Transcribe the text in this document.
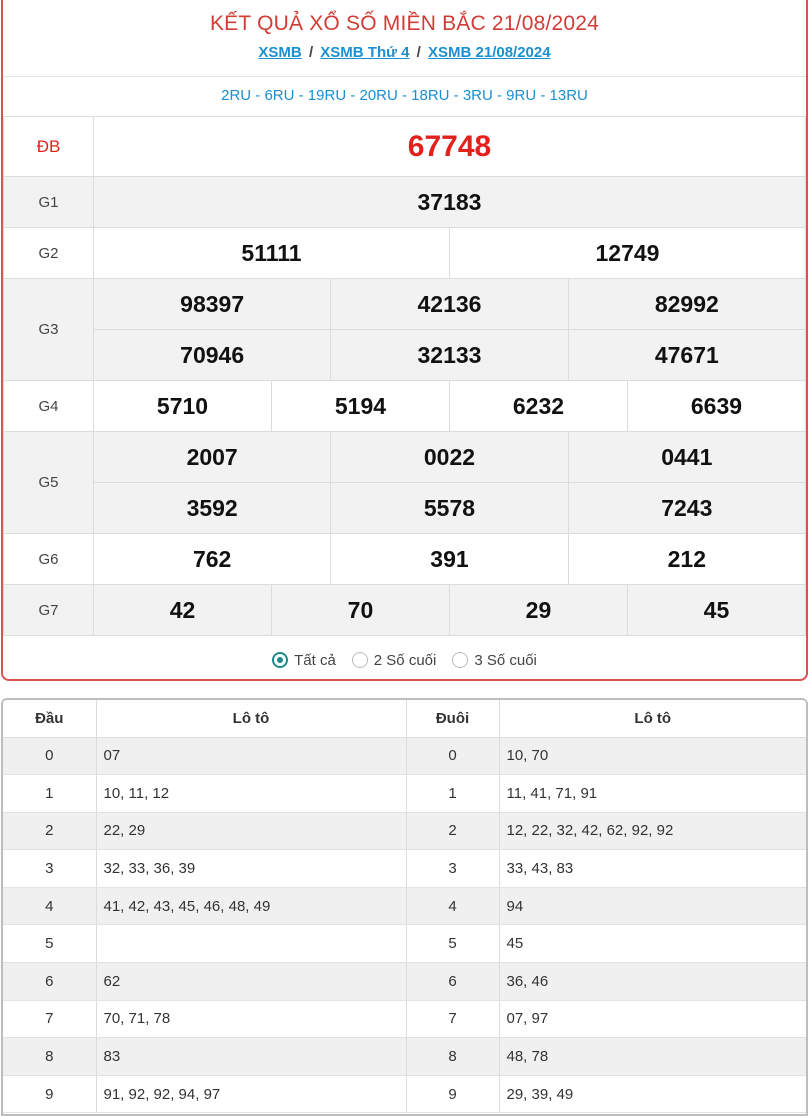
KẾT QUẢ XỔ SỐ MIỀN BẮC 21/08/2024
XSMB / XSMB Thứ 4 / XSMB 21/08/2024
2RU - 6RU - 19RU - 20RU - 18RU - 3RU - 9RU - 13RU
ĐB	67748					
G1	37183					
G2	51111			12749		
G3	98397		42136		82992	
	70946		32133		47671	
G4	5710	5194		6232		6639
G5	2007		0022		0441	
	3592		5578		7243	
G6	762		391		212	
G7	42	70		29		45
Tất cả	2 Số cuối	3 Số cuối
Đầu	Lô tô	Đuôi	Lô tô
0	07	0	10, 70
1	10, 11, 12	1	11, 41, 71, 91
2	22, 29	2	12, 22, 32, 42, 62, 92, 92
3	32, 33, 36, 39	3	33, 43, 83
4	41, 42, 43, 45, 46, 48, 49	4	94
5		5	45
6	62	6	36, 46
7	70, 71, 78	7	07, 97
8	83	8	48, 78
9	91, 92, 92, 94, 97	9	29, 39, 49
